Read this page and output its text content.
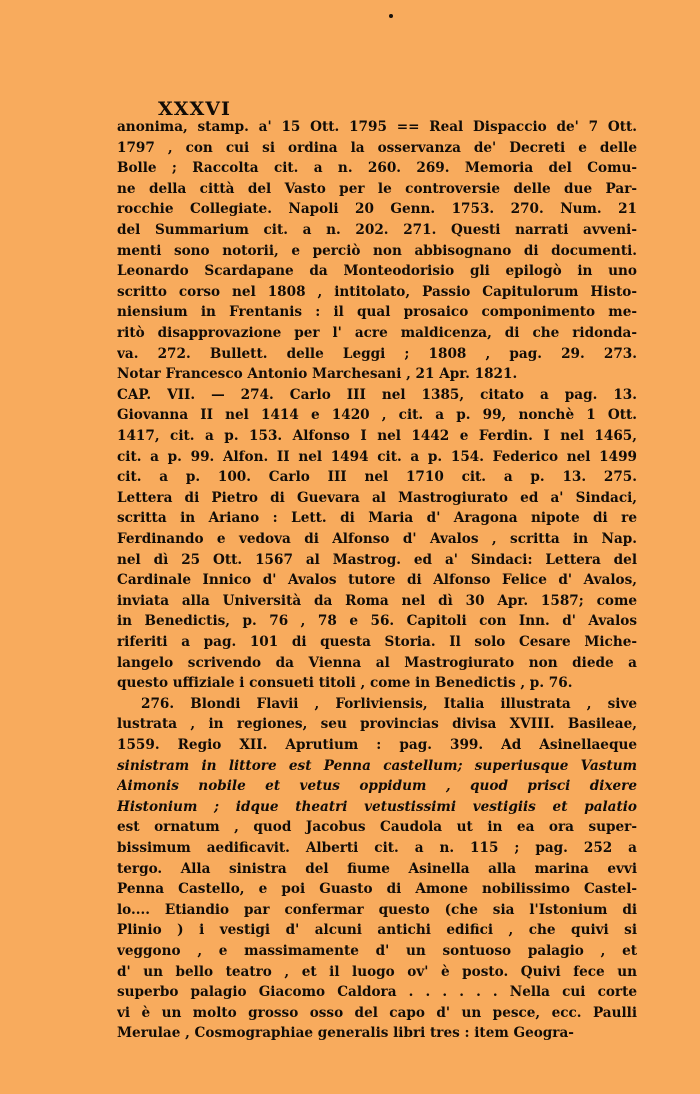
XXXVI
anonima, stamp. a' 15 Ott. 1795 == Real Dispaccio de' 7 Ott.
1797 , con cui si ordina la osservanza de' Decreti e delle
Bolle ; Raccolta cit. a n. 260. 269. Memoria del Comu-
ne della città del Vasto per le controversie delle due Par-
rocchie Collegiate. Napoli 20 Genn. 1753. 270. Num. 21
del Summarium cit. a n. 202. 271. Questi narrati avveni-
menti sono notorii, e perciò non abbisognano di documenti.
Leonardo Scardapane da Monteodorisio gli epilogò in uno
scritto corso nel 1808 , intitolato, Passio Capitulorum Histo-
niensium in Frentanis : il qual prosaico componimento me-
ritò disapprovazione per l' acre maldicenza, di che ridonda-
va. 272. Bullett. delle Leggi ; 1808 , pag. 29. 273.
Notar Francesco Antonio Marchesani , 21 Apr. 1821.
CAP. VII. — 274. Carlo III nel 1385, citato a pag. 13.
Giovanna II nel 1414 e 1420 , cit. a p. 99, nonchè 1 Ott.
1417, cit. a p. 153. Alfonso I nel 1442 e Ferdin. I nel 1465,
cit. a p. 99. Alfon. II nel 1494 cit. a p. 154. Federico nel 1499
cit. a p. 100. Carlo III nel 1710 cit. a p. 13. 275.
Lettera di Pietro di Guevara al Mastrogiurato ed a' Sindaci,
scritta in Ariano : Lett. di Maria d' Aragona nipote di re
Ferdinando e vedova di Alfonso d' Avalos , scritta in Nap.
nel dì 25 Ott. 1567 al Mastrog. ed a' Sindaci: Lettera del
Cardinale Innico d' Avalos tutore di Alfonso Felice d' Avalos,
inviata alla Università da Roma nel dì 30 Apr. 1587; come
in Benedictis, p. 76 , 78 e 56. Capitoli con Inn. d' Avalos
riferiti a pag. 101 di questa Storia. Il solo Cesare Miche-
langelo scrivendo da Vienna al Mastrogiurato non diede a
questo uffiziale i consueti titoli , come in Benedictis , p. 76.
276. Blondi Flavii , Forliviensis, Italia illustrata , sive
lustrata , in regiones, seu provincias divisa XVIII. Basileae,
1559. Regio XII. Aprutium : pag. 399. Ad Asinellaeque
sinistram in littore est Penna castellum; superiusque Vastum
Aimonis nobile et vetus oppidum , quod prisci dixere
Histonium ; idque theatri vetustissimi vestigiis et palatio
est ornatum , quod Jacobus Caudola ut in ea ora super-
bissimum aedificavit. Alberti cit. a n. 115 ; pag. 252 a
tergo. Alla sinistra del fiume Asinella alla marina evvi
Penna Castello, e poi Guasto di Amone nobilissimo Castel-
lo.... Etiandio par confermar questo (che sia l'Istonium di
Plinio ) i vestigi d' alcuni antichi edifici , che quivi si
veggono , e massimamente d' un sontuoso palagio , et
d' un bello teatro , et il luogo ov' è posto. Quivi fece un
superbo palagio Giacomo Caldora . . . . . . Nella cui corte
vi è un molto grosso osso del capo d' un pesce, ecc. Paulli
Merulae , Cosmographiae generalis libri tres : item Geogra-
